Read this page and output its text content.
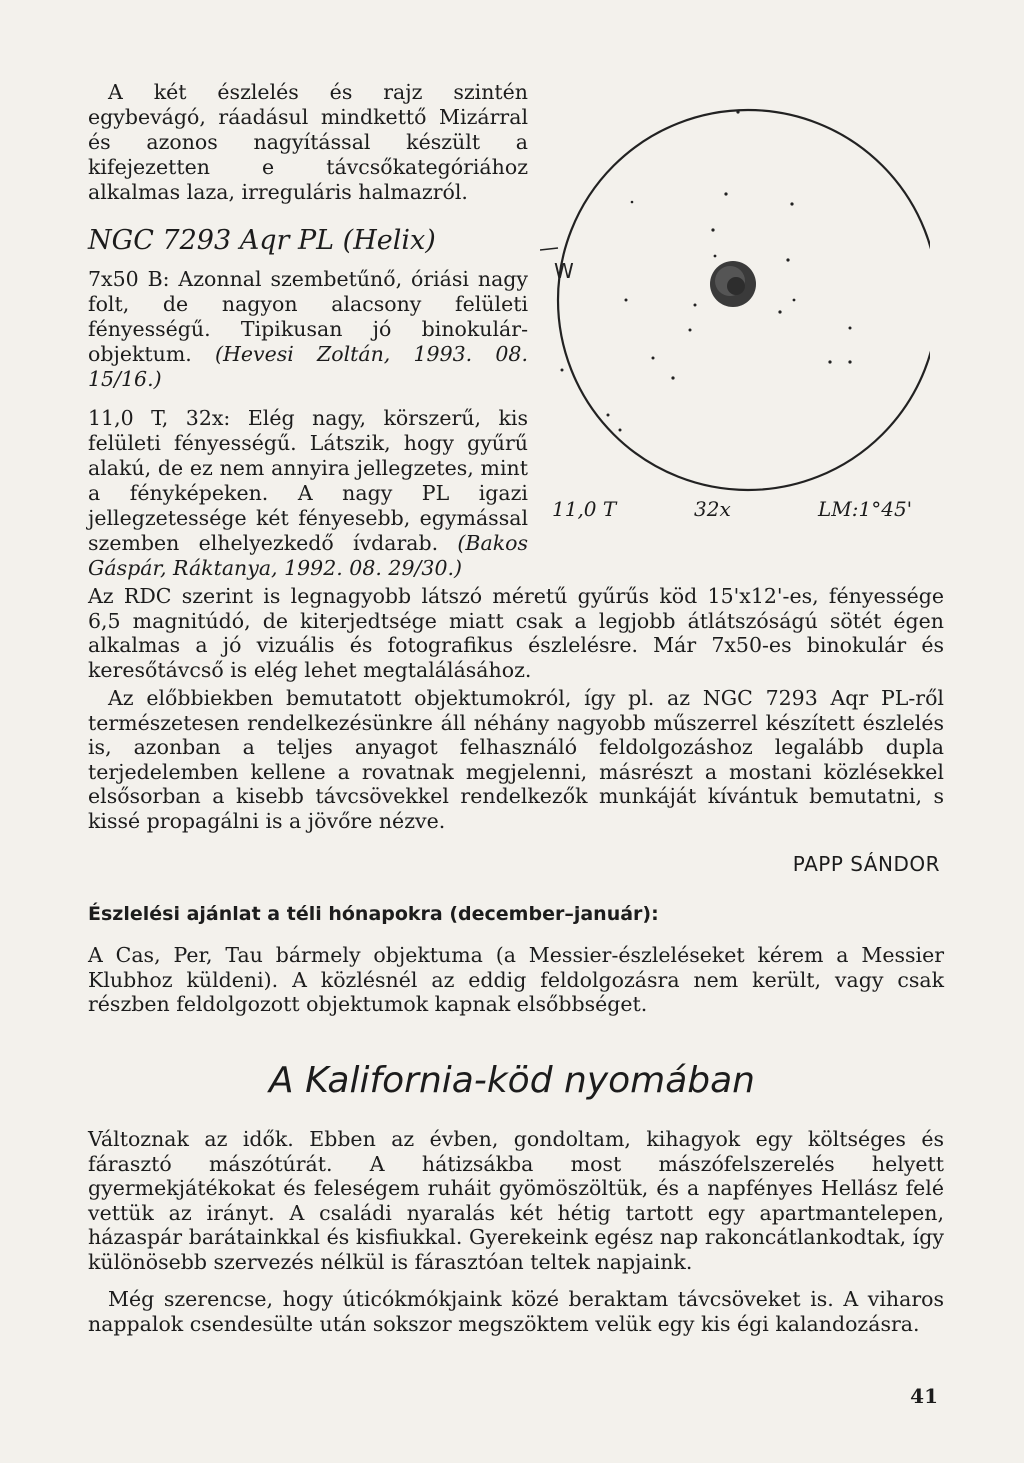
A két észlelés és rajz szintén egybevágó, ráadásul mindkettő Mizárral és azonos nagyítással készült a kifejezetten e távcsőkategóriához alkalmas laza, irreguláris halmazról.

NGC 7293 Aqr PL (Helix)

7x50 B: Azonnal szembetűnő, óriási nagy folt, de nagyon alacsony felületi fényességű. Tipikusan jó binokulár-objektum. (Hevesi Zoltán, 1993. 08. 15/16.)

11,0 T, 32x: Elég nagy, körszerű, kis felületi fényességű. Látszik, hogy gyűrű alakú, de ez nem annyira jellegzetes, mint a fényképeken. A nagy PL igazi jellegzetessége két fényesebb, egymással szemben elhelyezkedő ívdarab. (Bakos Gáspár, Ráktanya, 1992. 08. 29/30.)

W
11,0 T	32x	LM:1°45'

Az RDC szerint is legnagyobb látszó méretű gyűrűs köd 15'x12'-es, fényessége 6,5 magnitúdó, de kiterjedtsége miatt csak a legjobb átlátszóságú sötét égen alkalmas a jó vizuális és fotografikus észlelésre. Már 7x50-es binokulár és keresőtávcső is elég lehet megtalálásához.

Az előbbiekben bemutatott objektumokról, így pl. az NGC 7293 Aqr PL-ről természetesen rendelkezésünkre áll néhány nagyobb műszerrel készített észlelés is, azonban a teljes anyagot felhasználó feldolgozáshoz legalább dupla terjedelemben kellene a rovatnak megjelenni, másrészt a mostani közlésekkel elsősorban a kisebb távcsövekkel rendelkezők munkáját kívántuk bemutatni, s kissé propagálni is a jövőre nézve.

PAPP SÁNDOR
Észlelési ajánlat a téli hónapokra (december–január):

A Cas, Per, Tau bármely objektuma (a Messier-észleléseket kérem a Messier Klubhoz küldeni). A közlésnél az eddig feldolgozásra nem került, vagy csak részben feldolgozott objektumok kapnak elsőbbséget.

A Kalifornia-köd nyomában

Változnak az idők. Ebben az évben, gondoltam, kihagyok egy költséges és fárasztó mászótúrát. A hátizsákba most mászófelszerelés helyett gyermekjátékokat és feleségem ruháit gyömöszöltük, és a napfényes Hellász felé vettük az irányt. A családi nyaralás két hétig tartott egy apartmantelepen, házaspár barátainkkal és kisfiukkal. Gyerekeink egész nap rakoncátlankodtak, így különösebb szervezés nélkül is fárasztóan teltek napjaink.

Még szerencse, hogy úticókmókjaink közé beraktam távcsöveket is. A viharos nappalok csendesülte után sokszor megszöktem velük egy kis égi kalandozásra.

41
